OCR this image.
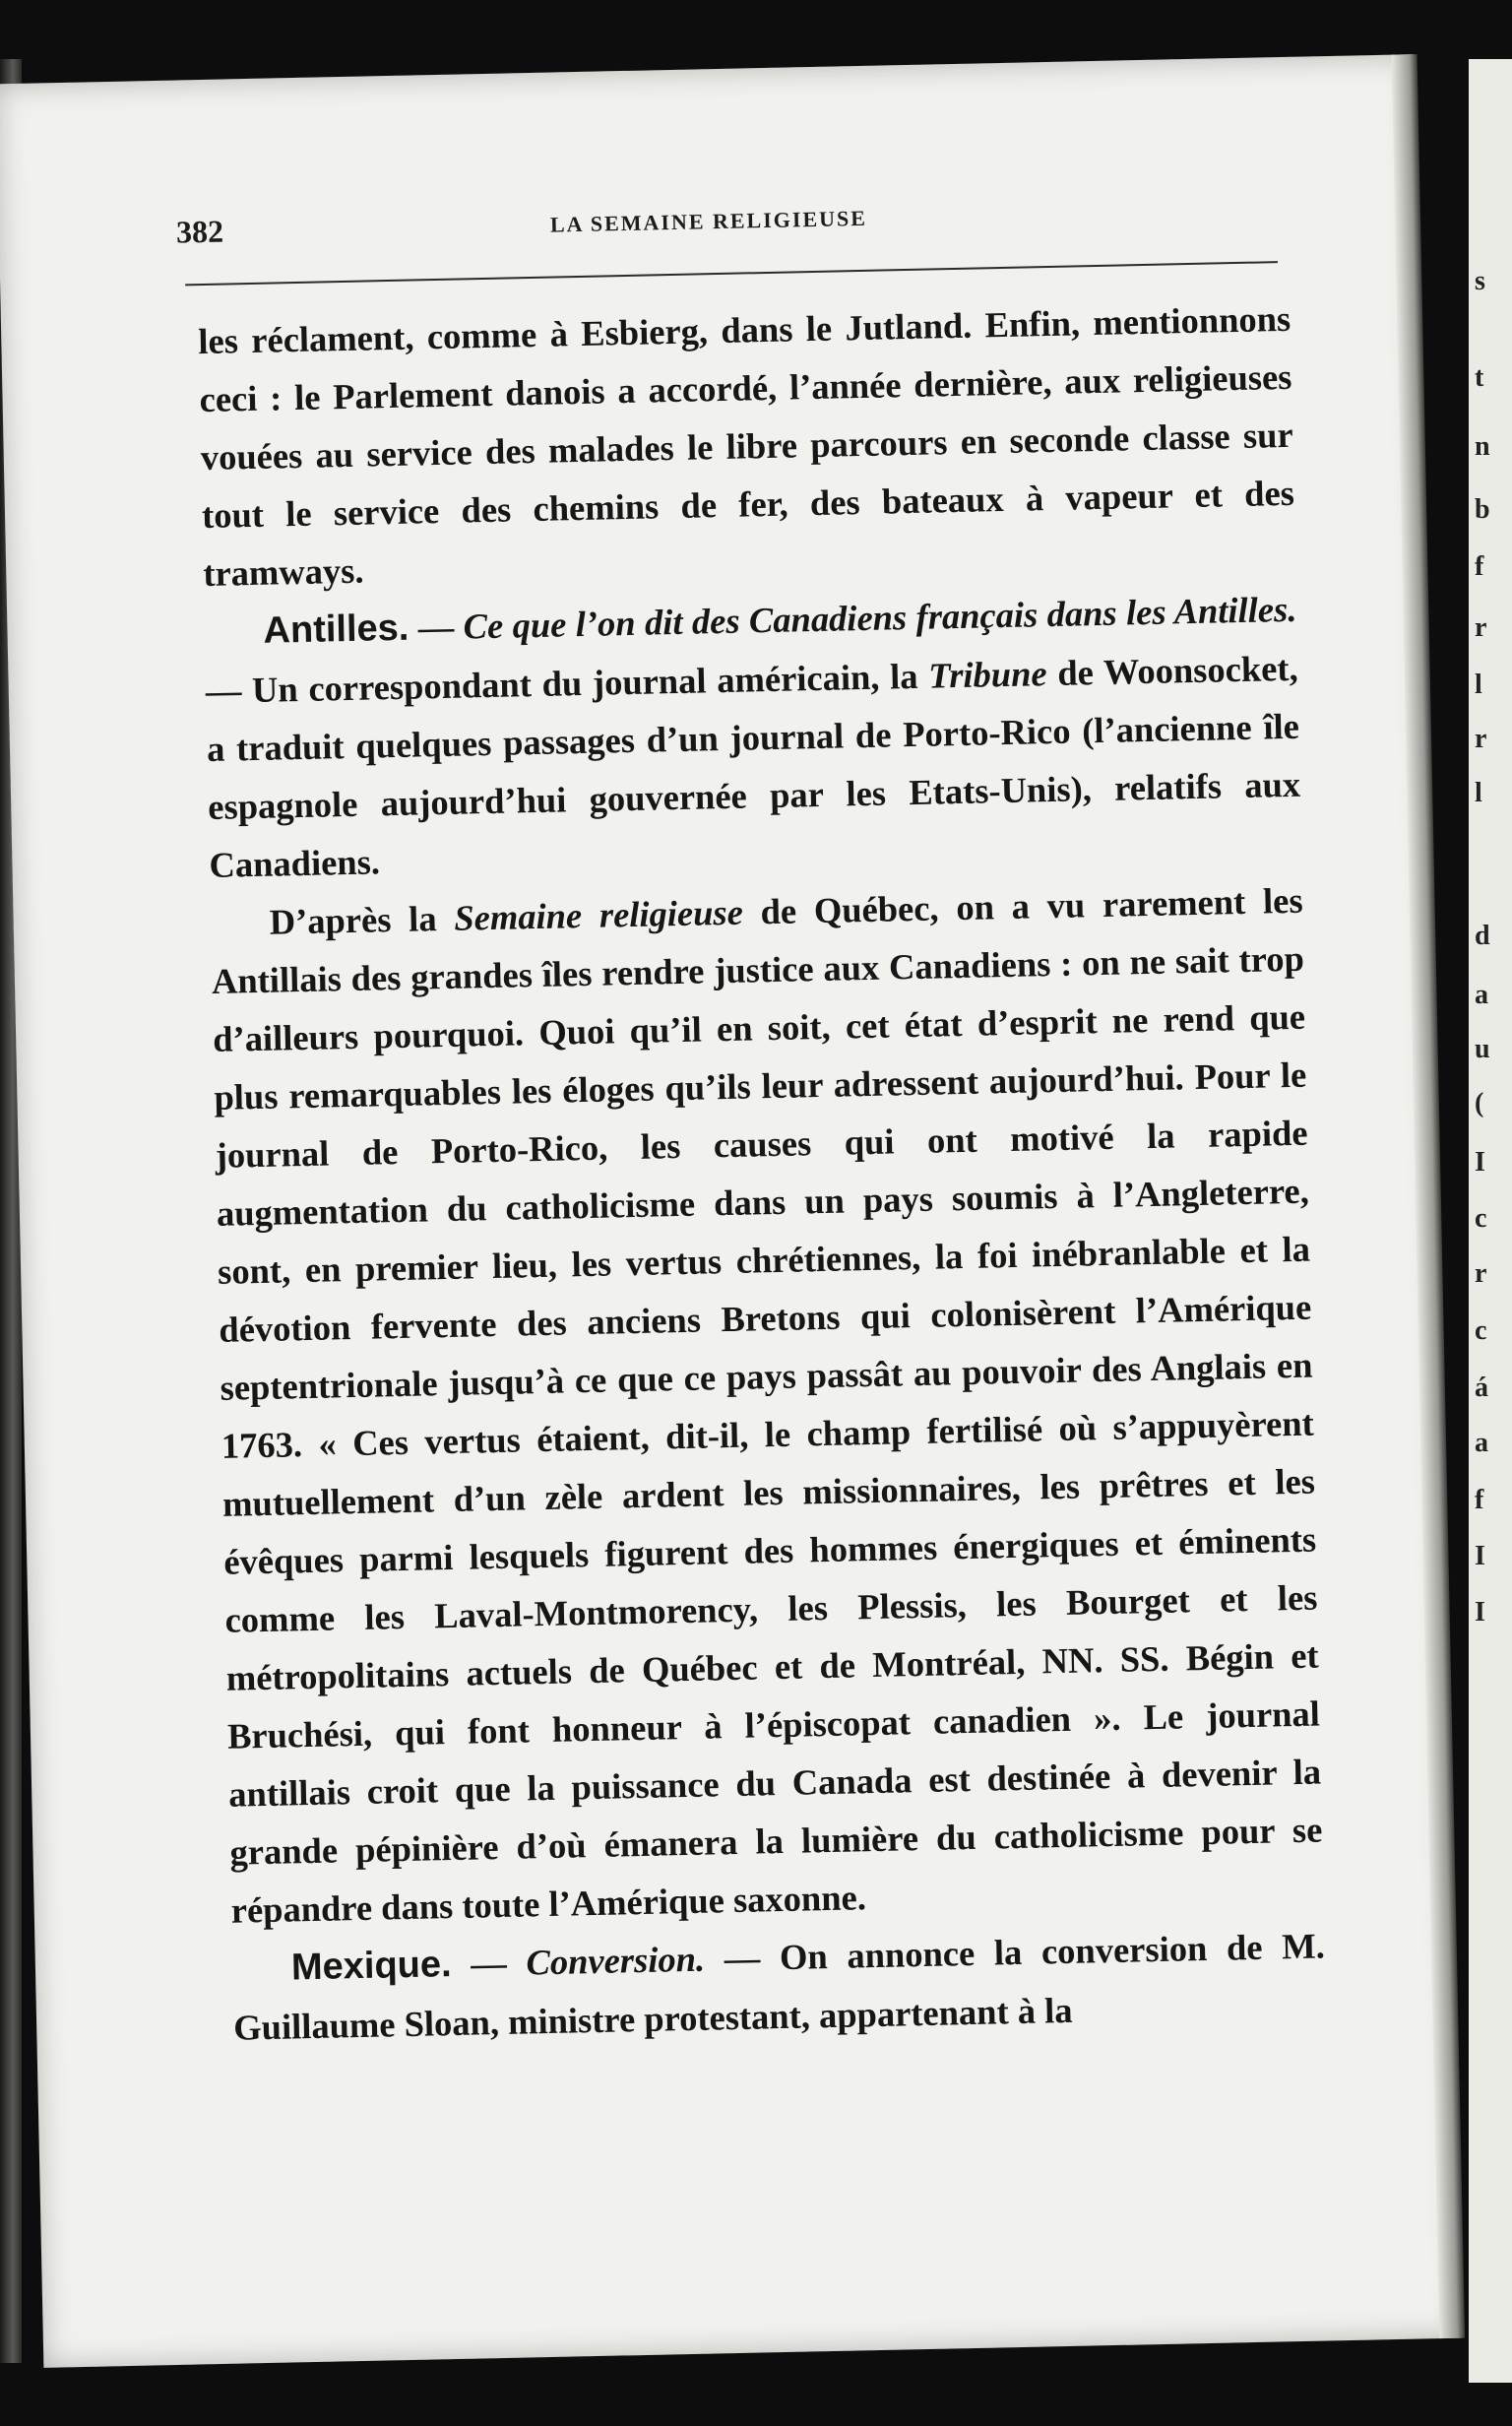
382	LA SEMAINE RELIGIEUSE

les réclament, comme à Esbierg, dans le Jutland. Enfin, mentionnons ceci : le Parlement danois a accordé, l’année dernière, aux religieuses vouées au service des malades le libre parcours en seconde classe sur tout le service des chemins de fer, des bateaux à vapeur et des tramways.

Antilles. — Ce que l’on dit des Canadiens français dans les Antilles. — Un correspondant du journal américain, la Tribune de Woonsocket, a traduit quelques passages d’un journal de Porto-Rico (l’ancienne île espagnole aujourd’hui gouvernée par les Etats-Unis), relatifs aux Canadiens.

D’après la Semaine religieuse de Québec, on a vu rarement les Antillais des grandes îles rendre justice aux Canadiens : on ne sait trop d’ailleurs pourquoi. Quoi qu’il en soit, cet état d’esprit ne rend que plus remarquables les éloges qu’ils leur adressent aujourd’hui. Pour le journal de Porto-Rico, les causes qui ont motivé la rapide augmentation du catholicisme dans un pays soumis à l’Angleterre, sont, en premier lieu, les vertus chrétiennes, la foi inébranlable et la dévotion fervente des anciens Bretons qui colonisèrent l’Amérique septentrionale jusqu’à ce que ce pays passât au pouvoir des Anglais en 1763. « Ces vertus étaient, dit-il, le champ fertilisé où s’appuyèrent mutuellement d’un zèle ardent les missionnaires, les prêtres et les évêques parmi lesquels figurent des hommes énergiques et éminents comme les Laval-Montmorency, les Plessis, les Bourget et les métropolitains actuels de Québec et de Montréal, NN. SS. Bégin et Bruchési, qui font honneur à l’épiscopat canadien ». Le journal antillais croit que la puissance du Canada est destinée à devenir la grande pépinière d’où émanera la lumière du catholicisme pour se répandre dans toute l’Amérique saxonne.

Mexique. — Conversion. — On annonce la conversion de M. Guillaume Sloan, ministre protestant, appartenant à la

s
t
n
b
f
r
l
r
l
d
a
u
(
I
c
r
c
á
a
f
I
I
